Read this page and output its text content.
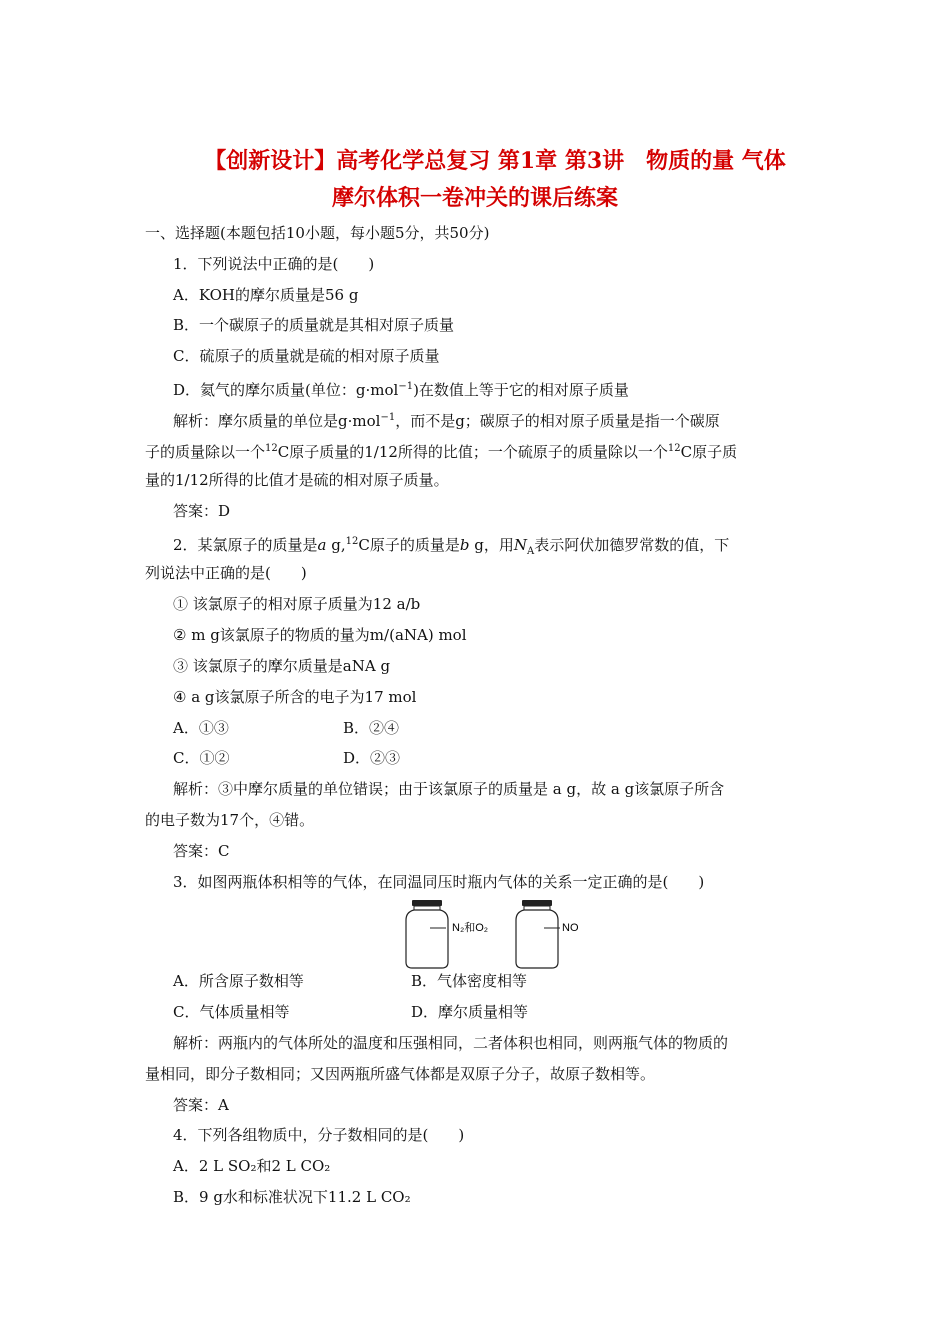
【创新设计】高考化学总复习 第1章 第3讲　物质的量 气体
摩尔体积一卷冲关的课后练案
一、选择题(本题包括10小题，每小题5分，共50分)
1．下列说法中正确的是(　　)
A．KOH的摩尔质量是56 g
B．一个碳原子的质量就是其相对原子质量
C．硫原子的质量就是硫的相对原子质量
D．氦气的摩尔质量(单位：g·mol$^{-1}$)在数值上等于它的相对原子质量
解析：摩尔质量的单位是g·mol$^{-1}$，而不是g；碳原子的相对原子质量是指一个碳原
子的质量除以一个$^{12}$C原子质量的1/12所得的比值；一个硫原子的质量除以一个$^{12}$C原子质
量的1/12所得的比值才是硫的相对原子质量。
答案：D
2．某氯原子的质量是a g,$^{12}$C原子的质量是b g，用$N_A$表示阿伏加德罗常数的值，下
列说法中正确的是(　　)
① 该氯原子的相对原子质量为12 a/b
② m g该氯原子的物质的量为m/(aNA) mol
③ 该氯原子的摩尔质量是aNA g
④ a g该氯原子所含的电子为17 mol
A．①③	B．②④
C．①②	D．②③
解析：③中摩尔质量的单位错误；由于该氯原子的质量是 a g，故 a g该氯原子所含
的电子数为17个，④错。
答案：C
3．如图两瓶体积相等的气体，在同温同压时瓶内气体的关系一定正确的是(　　)
N₂和O₂	NO
A．所含原子数相等	B．气体密度相等
C．气体质量相等	D．摩尔质量相等
解析：两瓶内的气体所处的温度和压强相同，二者体积也相同，则两瓶气体的物质的
量相同，即分子数相同；又因两瓶所盛气体都是双原子分子，故原子数相等。
答案：A
4．下列各组物质中，分子数相同的是(　　)
A．2 L SO₂和2 L CO₂
B．9 g水和标准状况下11.2 L CO₂
